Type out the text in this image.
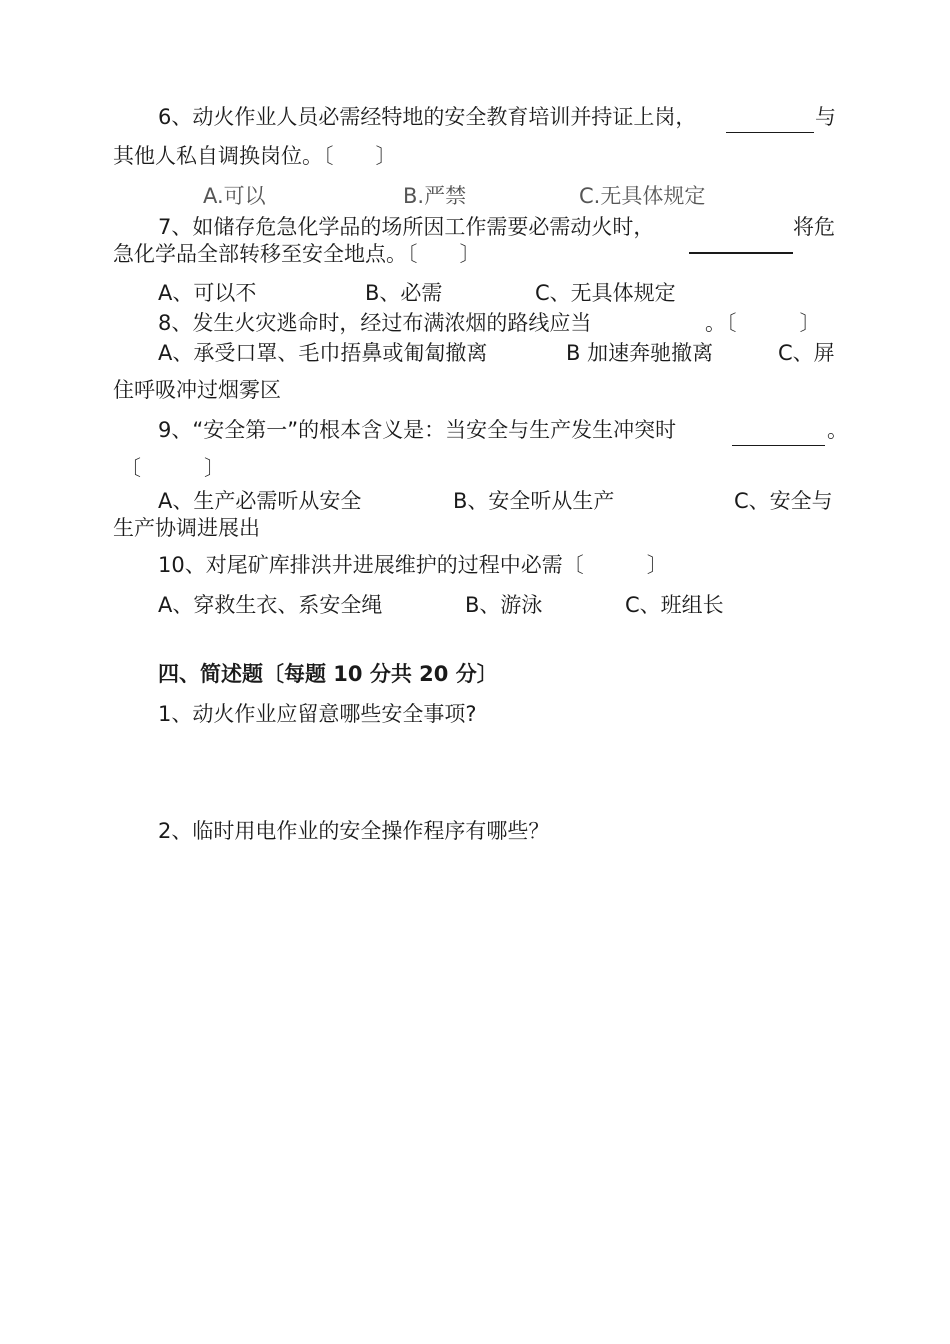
6、动火作业人员必需经特地的安全教育培训并持证上岗，	与
其他人私自调换岗位。〔　　〕
A.可以	B.严禁	C.无具体规定
7、如储存危急化学品的场所因工作需要必需动火时，	将危
急化学品全部转移至安全地点。〔　　〕
A、可以不	B、必需	C、无具体规定
8、发生火灾逃命时，经过布满浓烟的路线应当	。〔　　　〕
A、承受口罩、毛巾捂鼻或匍匐撤离	B 加速奔驰撤离	C、屏
住呼吸冲过烟雾区
9、“安全第一”的根本含义是：当安全与生产发生冲突时	。
〔　　　〕
A、生产必需听从安全	B、安全听从生产	C、安全与
生产协调进展出
10、对尾矿库排洪井进展维护的过程中必需〔　　　〕
A、穿救生衣、系安全绳	B、游泳	C、班组长
四、简述题〔每题 10 分共 20 分〕
1、动火作业应留意哪些安全事项?
2、临时用电作业的安全操作程序有哪些？
